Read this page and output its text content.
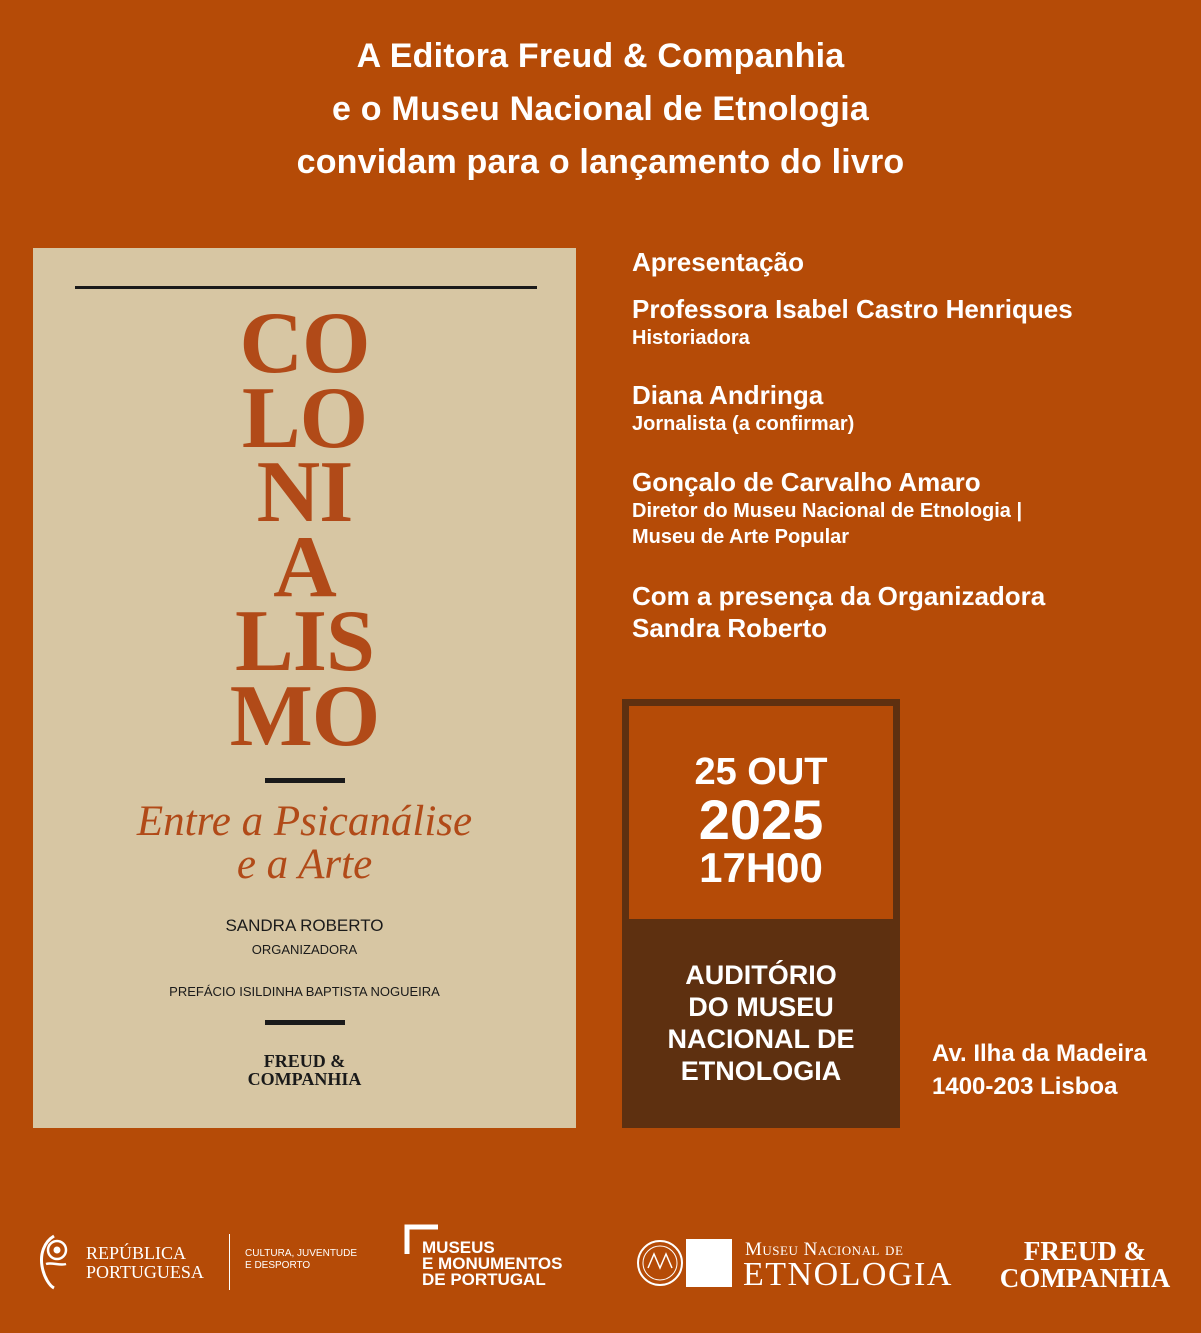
A Editora Freud & Companhia
e o Museu Nacional de Etnologia
convidam para o lançamento do livro
CO
LO
NI
A
LIS
MO
Entre a Psicanálise
e a Arte
SANDRA ROBERTO
ORGANIZADORA
PREFÁCIO ISILDINHA BAPTISTA NOGUEIRA
FREUD &
COMPANHIA
Apresentação
Professora Isabel Castro Henriques
Historiadora
Diana Andringa
Jornalista (a confirmar)
Gonçalo de Carvalho Amaro
Diretor do Museu Nacional de Etnologia |
Museu de Arte Popular
Com a presença da Organizadora
Sandra Roberto
25 OUT
2025
17H00
AUDITÓRIO
DO MUSEU
NACIONAL DE
ETNOLOGIA
Av. Ilha da Madeira
1400-203 Lisboa
REPÚBLICA
PORTUGUESA
CULTURA, JUVENTUDE
E DESPORTO
MUSEUS
E MONUMENTOS
DE PORTUGAL
Museu Nacional de
ETNOLOGIA
FREUD &
COMPANHIA
